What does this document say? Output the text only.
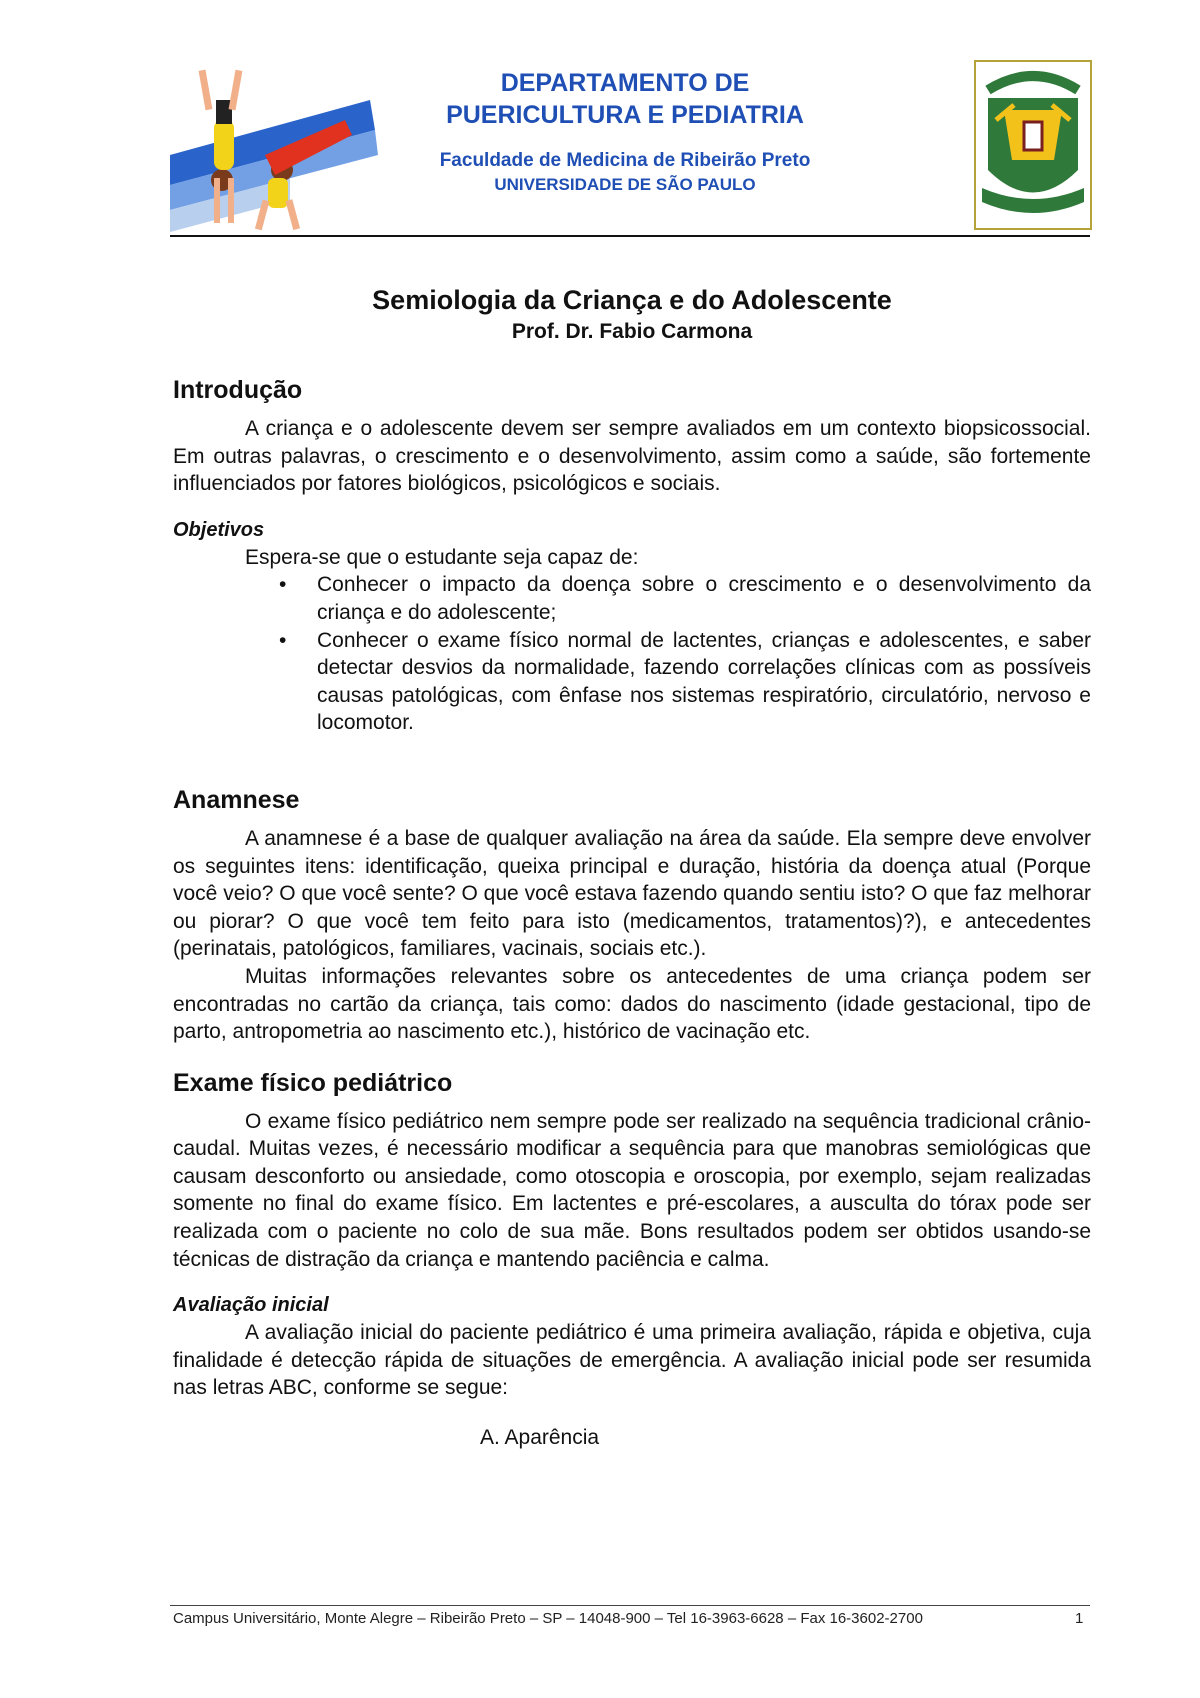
DEPARTAMENTO DE
PUERICULTURA E PEDIATRIA
Faculdade de Medicina de Ribeirão Preto
UNIVERSIDADE DE SÃO PAULO
Semiologia da Criança e do Adolescente
Prof. Dr. Fabio Carmona
Introdução

A criança e o adolescente devem ser sempre avaliados em um contexto biopsicossocial. Em outras palavras, o crescimento e o desenvolvimento, assim como a saúde, são fortemente influenciados por fatores biológicos, psicológicos e sociais.

Objetivos

Espera-se que o estudante seja capaz de:

• Conhecer o impacto da doença sobre o crescimento e o desenvolvimento da criança e do adolescente;
• Conhecer o exame físico normal de lactentes, crianças e adolescentes, e saber detectar desvios da normalidade, fazendo correlações clínicas com as possíveis causas patológicas, com ênfase nos sistemas respiratório, circulatório, nervoso e locomotor.
Anamnese

A anamnese é a base de qualquer avaliação na área da saúde. Ela sempre deve envolver os seguintes itens: identificação, queixa principal e duração, história da doença atual (Porque você veio? O que você sente? O que você estava fazendo quando sentiu isto? O que faz melhorar ou piorar? O que você tem feito para isto (medicamentos, tratamentos)?), e antecedentes (perinatais, patológicos, familiares, vacinais, sociais etc.).

Muitas informações relevantes sobre os antecedentes de uma criança podem ser encontradas no cartão da criança, tais como: dados do nascimento (idade gestacional, tipo de parto, antropometria ao nascimento etc.), histórico de vacinação etc.

Exame físico pediátrico

O exame físico pediátrico nem sempre pode ser realizado na sequência tradicional crânio-caudal. Muitas vezes, é necessário modificar a sequência para que manobras semiológicas que causam desconforto ou ansiedade, como otoscopia e oroscopia, por exemplo, sejam realizadas somente no final do exame físico. Em lactentes e pré-escolares, a ausculta do tórax pode ser realizada com o paciente no colo de sua mãe. Bons resultados podem ser obtidos usando-se técnicas de distração da criança e mantendo paciência e calma.

Avaliação inicial

A avaliação inicial do paciente pediátrico é uma primeira avaliação, rápida e objetiva, cuja finalidade é detecção rápida de situações de emergência. A avaliação inicial pode ser resumida nas letras ABC, conforme se segue:

A. Aparência
Campus Universitário, Monte Alegre – Ribeirão Preto – SP – 14048-900 – Tel 16-3963-6628 – Fax 16-3602-2700	1
